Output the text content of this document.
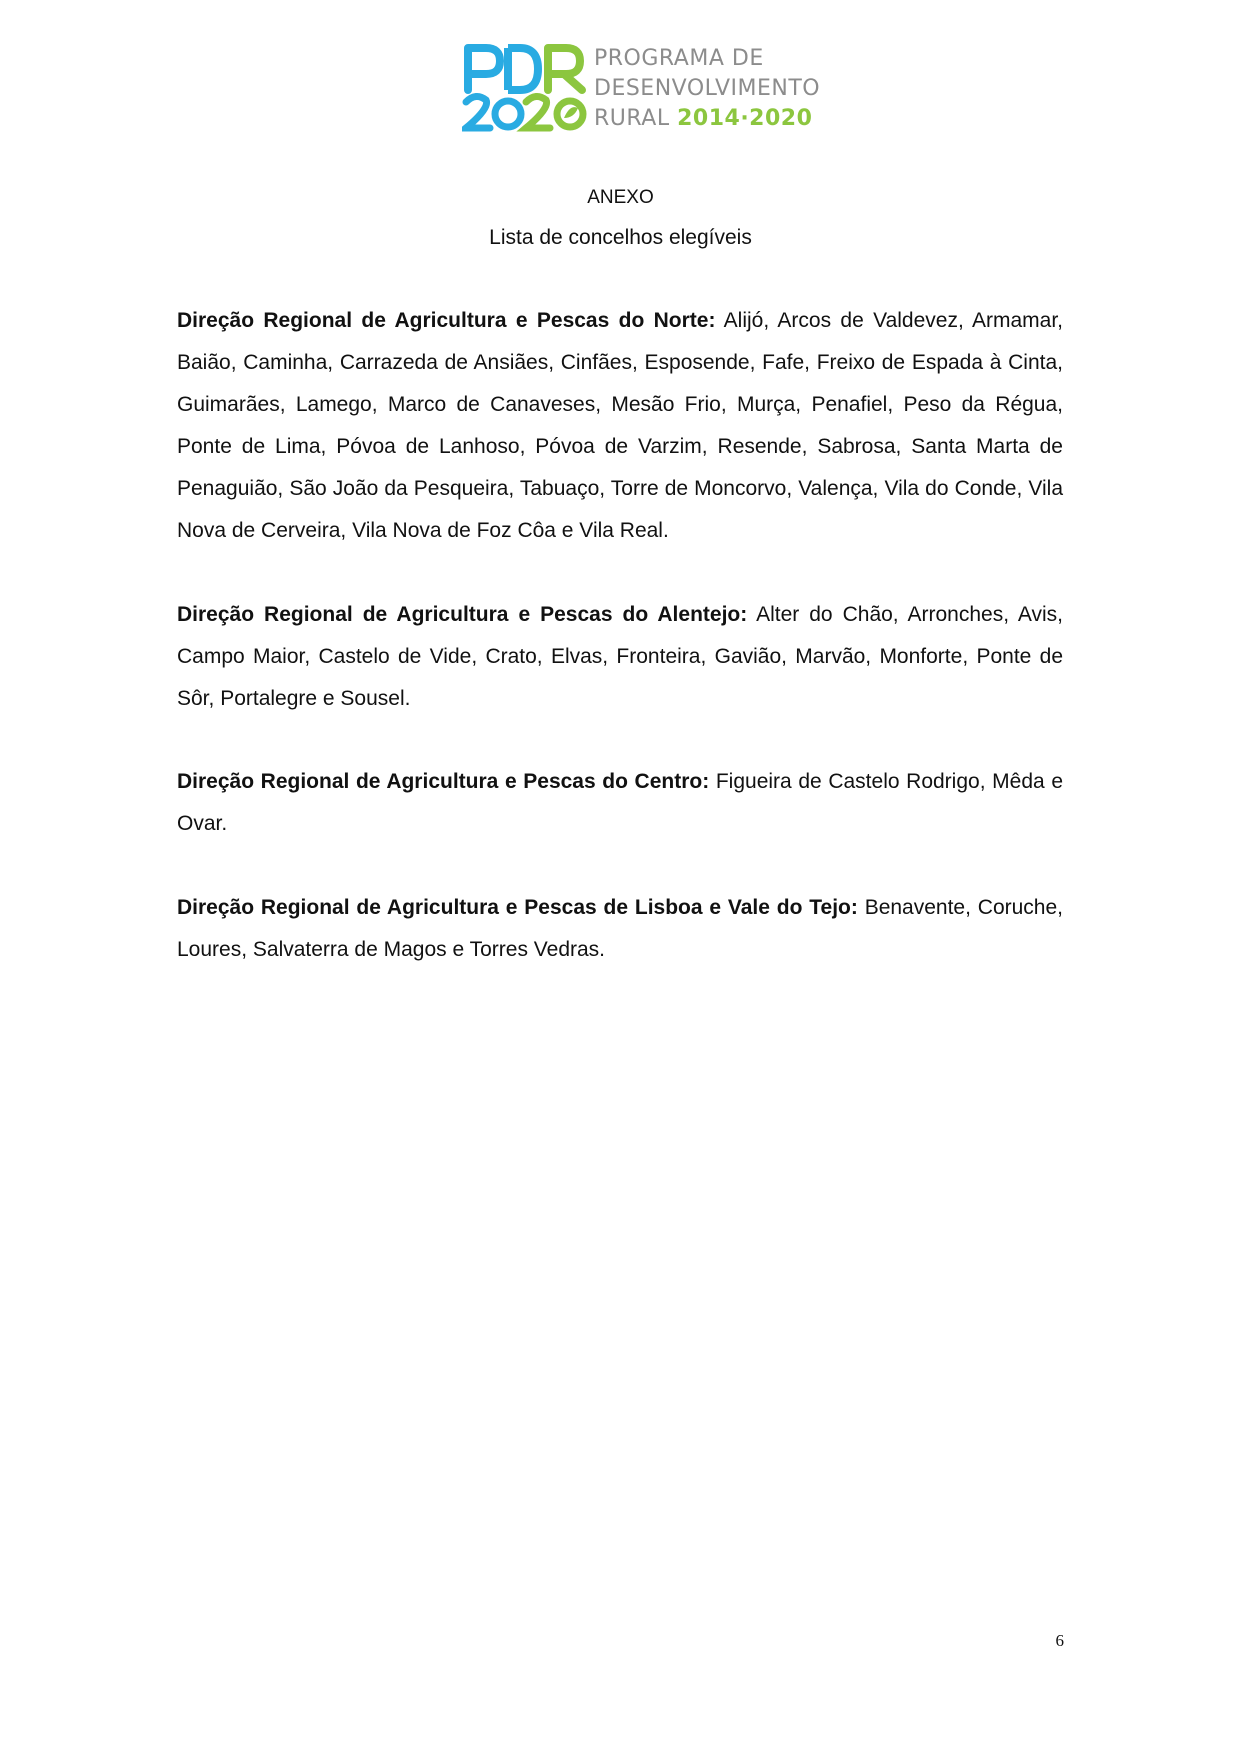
PROGRAMA DE
DESENVOLVIMENTO
RURAL 2014·2020
ANEXO
Lista de concelhos elegíveis

Direção Regional de Agricultura e Pescas do Norte: Alijó, Arcos de Valdevez, Armamar, Baião, Caminha, Carrazeda de Ansiães, Cinfães, Esposende, Fafe, Freixo de Espada à Cinta, Guimarães, Lamego, Marco de Canaveses, Mesão Frio, Murça, Penafiel, Peso da Régua, Ponte de Lima, Póvoa de Lanhoso, Póvoa de Varzim, Resende, Sabrosa, Santa Marta de Penaguião, São João da Pesqueira, Tabuaço, Torre de Moncorvo, Valença, Vila do Conde, Vila Nova de Cerveira, Vila Nova de Foz Côa e Vila Real.

Direção Regional de Agricultura e Pescas do Alentejo: Alter do Chão, Arronches, Avis, Campo Maior, Castelo de Vide, Crato, Elvas, Fronteira, Gavião, Marvão, Monforte, Ponte de Sôr, Portalegre e Sousel.

Direção Regional de Agricultura e Pescas do Centro: Figueira de Castelo Rodrigo, Mêda e Ovar.

Direção Regional de Agricultura e Pescas de Lisboa e Vale do Tejo: Benavente, Coruche, Loures, Salvaterra de Magos e Torres Vedras.

6
